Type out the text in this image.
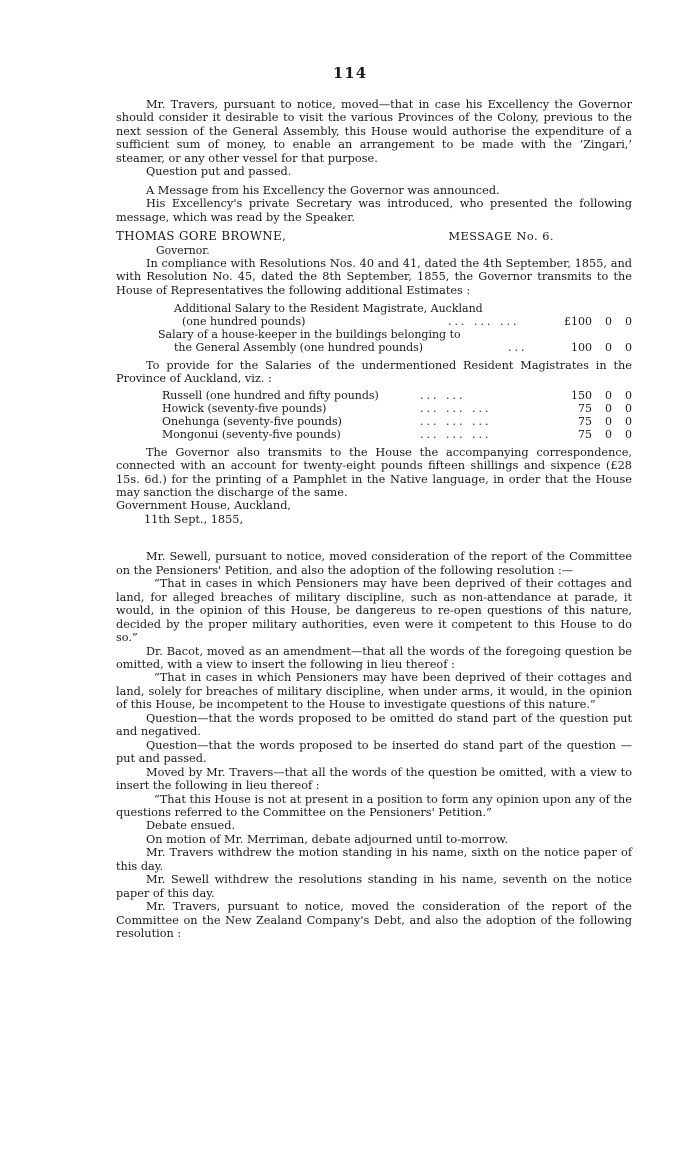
114

Mr. Travers, pursuant to notice, moved—that in case his Excellency the Governor should consider it desirable to visit the various Provinces of the Colony, previous to the next session of the General Assembly, this House would authorise the expenditure of a sufficient sum of money, to enable an arrangement to be made with the ‘Zingari,’ steamer, or any other vessel for that purpose.

Question put and passed.

A Message from his Excellency the Governor was announced.

His Excellency's private Secretary was introduced, who presented the following message, which was read by the Speaker.

THOMAS GORE BROWNE,	MESSAGE No. 6.
Governor.

In compliance with Resolutions Nos. 40 and 41, dated the 4th September, 1855, and with Resolution No. 45, dated the 8th September, 1855, the Governor transmits to the House of Representatives the following additional Estimates :

Additional Salary to the Resident Magistrate, Auckland
(one hundred pounds)	... ... ...	£100	0	0
Salary of a house-keeper in the buildings belonging to
the General Assembly (one hundred pounds)	...	100	0	0

To provide for the Salaries of the undermentioned Resident Magistrates in the Province of Auckland, viz. :

Russell (one hundred and fifty pounds)	... ...	150	0	0
Howick (seventy-five pounds)	... ... ...	75	0	0
Onehunga (seventy-five pounds)	... ... ...	75	0	0
Mongonui (seventy-five pounds)	... ... ...	75	0	0

The Governor also transmits to the House the accompanying correspondence, connected with an account for twenty-eight pounds fifteen shillings and sixpence (£28 15s. 6d.) for the printing of a Pamphlet in the Native language, in order that the House may sanction the discharge of the same.

Government House, Auckland,
11th Sept., 1855,

Mr. Sewell, pursuant to notice, moved consideration of the report of the Committee on the Pensioners' Petition, and also the adoption of the following resolution :—

“That in cases in which Pensioners may have been deprived of their cottages and land, for alleged breaches of military discipline, such as non-attendance at parade, it would, in the opinion of this House, be dangereus to re-open questions of this nature, decided by the proper military authorities, even were it competent to this House to do so.”

Dr. Bacot, moved as an amendment—that all the words of the foregoing question be omitted, with a view to insert the following in lieu thereof :

“That in cases in which Pensioners may have been deprived of their cottages and land, solely for breaches of military discipline, when under arms, it would, in the opinion of this House, be incompetent to the House to investigate questions of this nature.”

Question—that the words proposed to be omitted do stand part of the question put and negatived.

Question—that the words proposed to be inserted do stand part of the question —put and passed.

Moved by Mr. Travers—that all the words of the question be omitted, with a view to insert the following in lieu thereof :

“That this House is not at present in a position to form any opinion upon any of the questions referred to the Committee on the Pensioners' Petition.”

Debate ensued.

On motion of Mr. Merriman, debate adjourned until to-morrow.

Mr. Travers withdrew the motion standing in his name, sixth on the notice paper of this day.

Mr. Sewell withdrew the resolutions standing in his name, seventh on the notice paper of this day.

Mr. Travers, pursuant to notice, moved the consideration of the report of the Committee on the New Zealand Company's Debt, and also the adoption of the following resolution :
